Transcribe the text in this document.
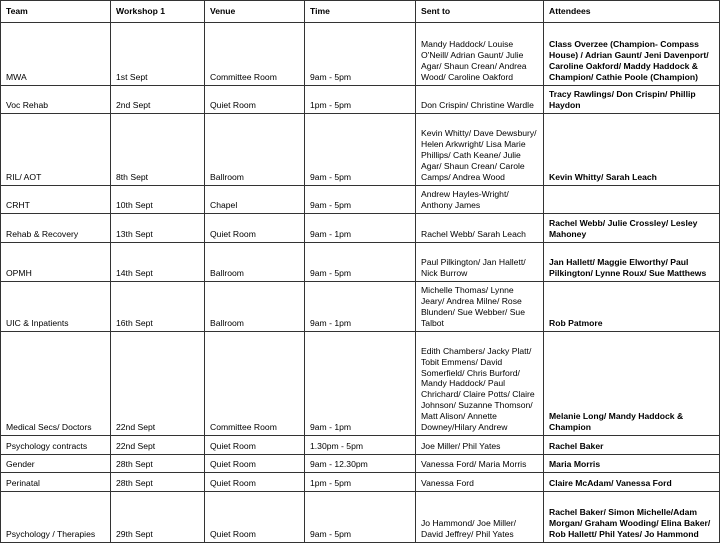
Team	Workshop 1	Venue	Time	Sent to	Attendees
MWA	1st Sept	Committee Room	9am - 5pm	Mandy Haddock/ Louise O'Neill/ Adrian Gaunt/ Julie Agar/ Shaun Crean/ Andrea Wood/ Caroline Oakford	Class Overzee (Champion- Compass House) / Adrian Gaunt/ Jeni Davenport/ Caroline Oakford/ Maddy Haddock & Champion/ Cathie Poole (Champion)
Voc Rehab	2nd Sept	Quiet Room	1pm - 5pm	Don Crispin/ Christine Wardle	Tracy Rawlings/ Don Crispin/ Phillip Haydon
RIL/ AOT	8th Sept	Ballroom	9am - 5pm	Kevin Whitty/ Dave Dewsbury/ Helen Arkwright/ Lisa Marie Phillips/ Cath Keane/ Julie Agar/ Shaun Crean/ Carole Camps/ Andrea Wood	Kevin Whitty/ Sarah Leach
CRHT	10th Sept	Chapel	9am - 5pm	Andrew Hayles-Wright/ Anthony James	
Rehab & Recovery	13th Sept	Quiet Room	9am - 1pm	Rachel Webb/ Sarah Leach	Rachel Webb/ Julie Crossley/ Lesley Mahoney
OPMH	14th Sept	Ballroom	9am - 5pm	Paul Pilkington/ Jan Hallett/ Nick Burrow	Jan Hallett/ Maggie Elworthy/ Paul Pilkington/ Lynne Roux/ Sue Matthews
UIC & Inpatients	16th Sept	Ballroom	9am - 1pm	Michelle Thomas/ Lynne Jeary/ Andrea Milne/ Rose Blunden/ Sue Webber/ Sue Talbot	Rob Patmore
Medical Secs/ Doctors	22nd Sept	Committee Room	9am - 1pm	Edith Chambers/ Jacky Platt/ Tobit Emmens/ David Somerfield/ Chris Burford/ Mandy Haddock/ Paul Chrichard/ Claire Potts/ Claire Johnson/ Suzanne Thomson/ Matt Alison/ Annette Downey/Hilary Andrew	Melanie Long/ Mandy Haddock & Champion
Psychology contracts	22nd Sept	Quiet Room	1.30pm - 5pm	Joe Miller/ Phil Yates	Rachel Baker
Gender	28th Sept	Quiet Room	9am - 12.30pm	Vanessa Ford/ Maria Morris	Maria Morris
Perinatal	28th Sept	Quiet Room	1pm - 5pm	Vanessa Ford	Claire McAdam/ Vanessa Ford
Psychology / Therapies	29th Sept	Quiet Room	9am - 5pm	Jo Hammond/ Joe Miller/ David Jeffrey/ Phil Yates	Rachel Baker/ Simon Michelle/Adam Morgan/ Graham Wooding/ Elina Baker/ Rob Hallett/ Phil Yates/ Jo Hammond
